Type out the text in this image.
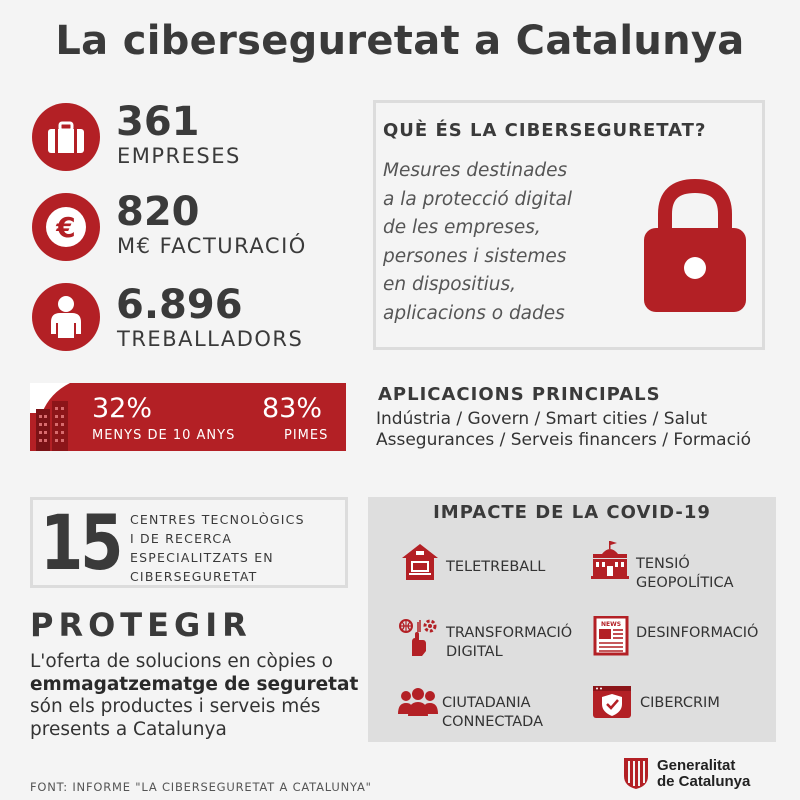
La ciberseguretat a Catalunya
361
EMPRESES
€ 820
M€ FACTURACIÓ
6.896
TREBALLADORS
QUÈ ÉS LA CIBERSEGURETAT?
Mesures destinades
a la protecció digital
de les empreses,
persones i sistemes
en dispositius,
aplicacions o dades
32%
MENYS DE 10 ANYS
83%
PIMES
APLICACIONS PRINCIPALS
Indústria / Govern / Smart cities / Salut
Assegurances / Serveis financers / Formació
15 CENTRES TECNOLÒGICS
I DE RECERCA
ESPECIALITZATS EN
CIBERSEGURETAT
PROTEGIR
L'oferta de solucions en còpies o
emmagatzematge de seguretat
són els productes i serveis més
presents a Catalunya
IMPACTE DE LA COVID-19
TELETREBALL	TENSIÓ
GEOPOLÍTICA
TRANSFORMACIÓ
DIGITAL
NEWS
DESINFORMACIÓ
CIUTADANIA
CONNECTADA
CIBERCRIM
FONT: INFORME "LA CIBERSEGURETAT A CATALUNYA"
Generalitat
de Catalunya
